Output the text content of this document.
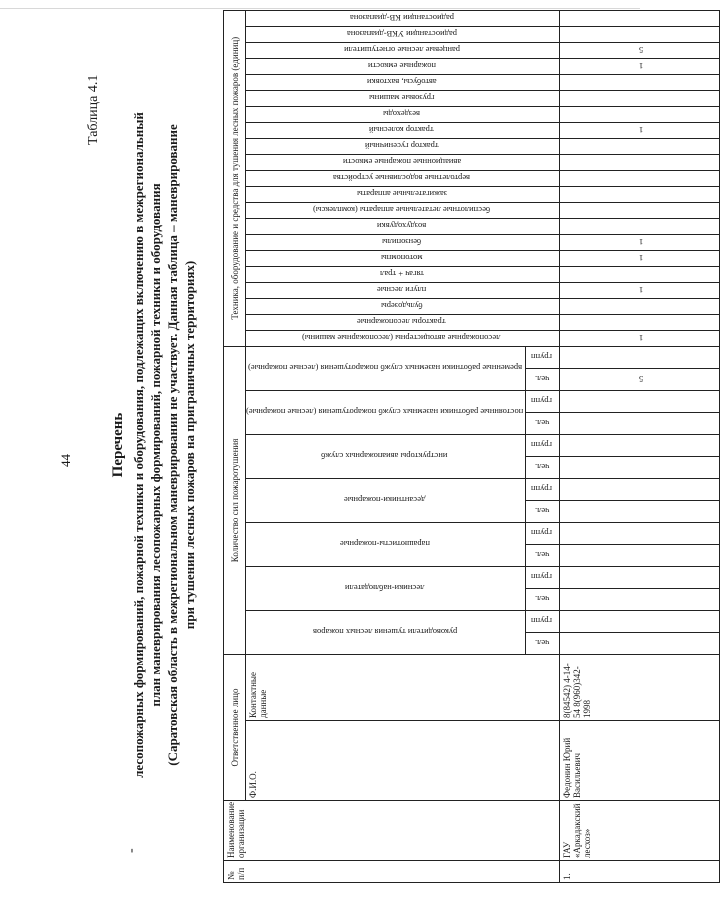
44
Таблица 4.1
-
Перечень лесопожарных формирований, пожарной техники и оборудования, подлежащих включению в межрегиональный план маневрирования лесопожарных формирований, пожарной техники и оборудования (Саратовская область в межрегиональном маневрировании не участвует. Данная таблица – маневрирование при тушении лесных пожаров на приграничных территориях)
№ п/п	Наименование организации	Ответственное лицо		Количество сил пожаротушения														Техника, оборудование и средства для тушения лесных пожаров (единиц)																				
		Ф.И.О.	Контактные данные	руководители тушения лесных пожаров		лесники-наблюдатели		парашютисты-пожарные		десантники-пожарные		инструкторы авиапожарных служб		постоянные работники наземных служб пожаротушения (лесные пожарные)		временные работники наземных служб пожаротушения (лесные пожарные)		лесопожарные автоцистерны (лесопожарные машины)	тракторы лесопожарные	бульдозеры	плуги лесные	тягач + трал	мотопомпы	бензопилы	воздуходувки	беспилотные летательные аппараты (комплексы)	зажигательные аппараты	вертолетные водосливные устройства	авиационные пожарные емкости	трактор гусеничный	трактор колесный	вездеходы	грузовые машины	автобусы, вахтовки	пожарные емкости	ранцевые лесные огнетушители	радиостанции УКВ-диапазона	радиостанции КВ-диапазона
				чел.	групп	чел.	групп	чел.	групп	чел.	групп	чел.	групп	чел.	групп	чел.	групп																					
1.	ГАУ «Аркадакский лесхоз»	Федонин Юрий Васильевич	8(84542) 4-14-54 8(960)342-1998													5		1			1		1	1							1				1	5		
